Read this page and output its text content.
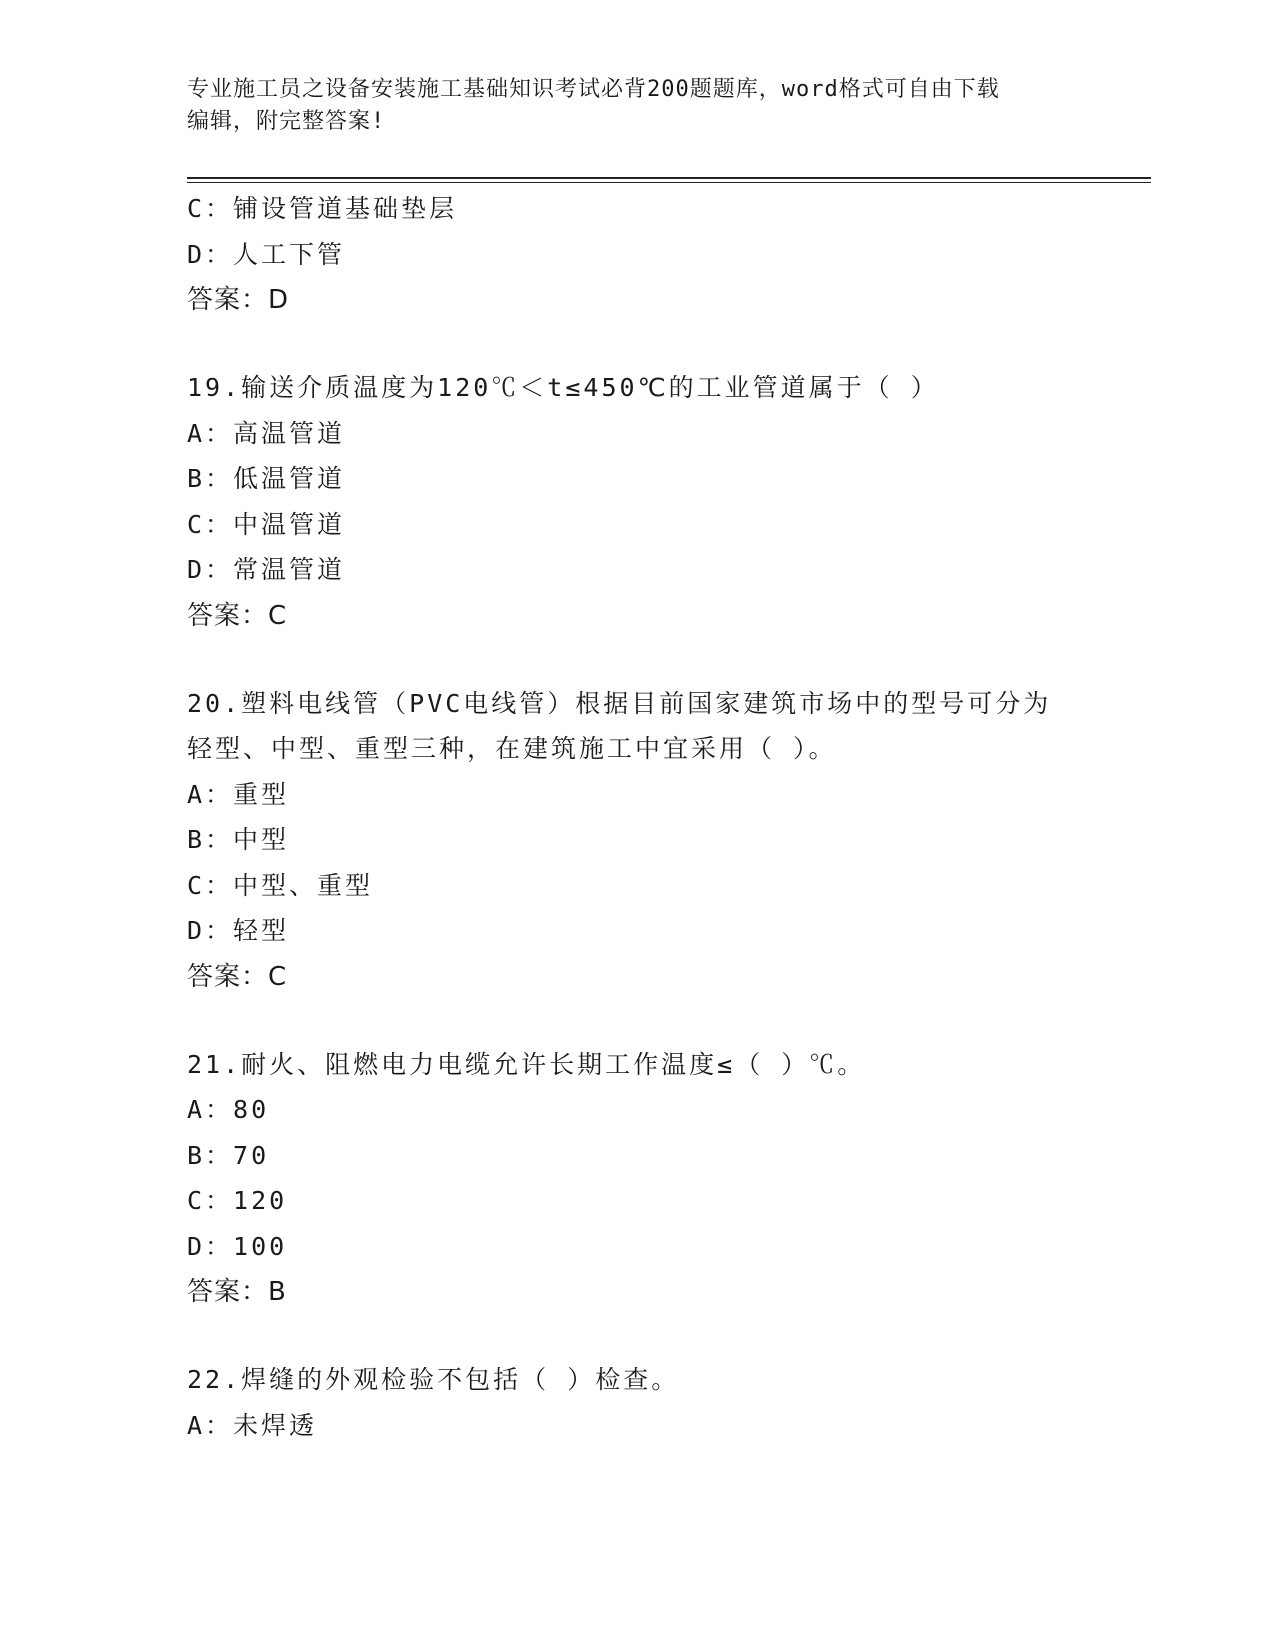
专业施工员之设备安装施工基础知识考试必背200题题库，word格式可自由下载
编辑，附完整答案!
C：铺设管道基础垫层
D：人工下管
答案：D
19.输送介质温度为120℃＜t≤450℃的工业管道属于（ ）
A：高温管道
B：低温管道
C：中温管道
D：常温管道
答案：C
20.塑料电线管（PVC电线管）根据目前国家建筑市场中的型号可分为
轻型、中型、重型三种，在建筑施工中宜采用（ ）。
A：重型
B：中型
C：中型、重型
D：轻型
答案：C
21.耐火、阻燃电力电缆允许长期工作温度≤（ ）℃。
A：80
B：70
C：120
D：100
答案：B
22.焊缝的外观检验不包括（ ）检查。
A：未焊透
